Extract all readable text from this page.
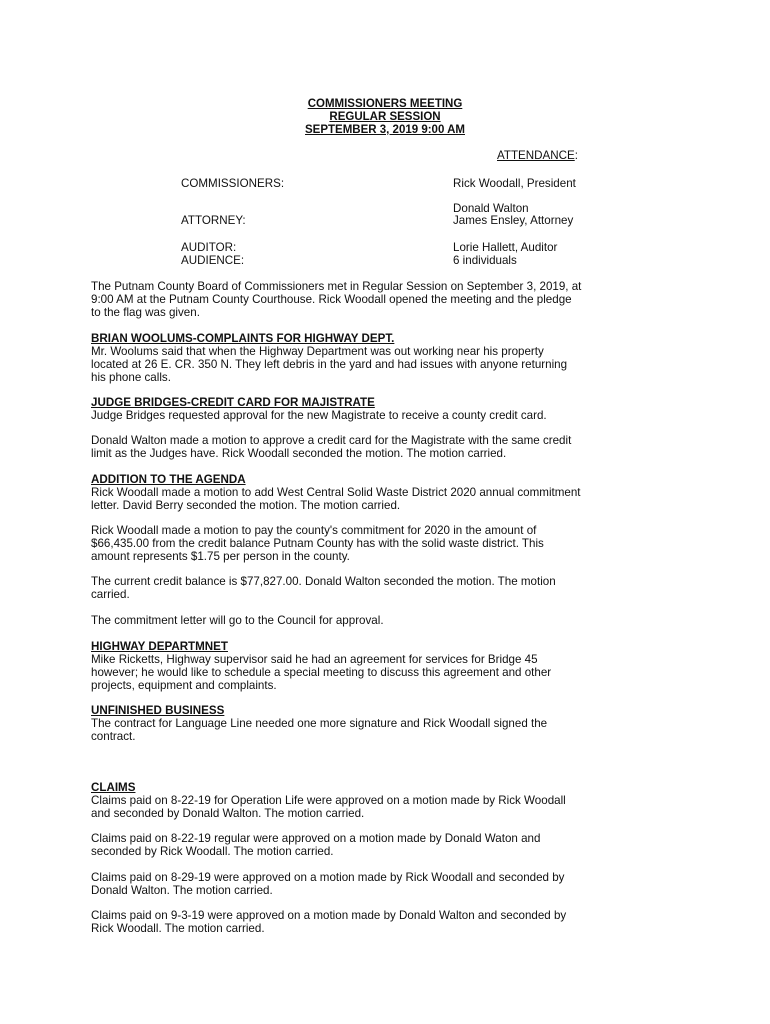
COMMISSIONERS MEETING
REGULAR SESSION
SEPTEMBER 3, 2019 9:00 AM
ATTENDANCE:
COMMISSIONERS:	Rick Woodall, President
Donald Walton
ATTORNEY:	James Ensley, Attorney
AUDITOR:	Lorie Hallett, Auditor
AUDIENCE:	6 individuals
The Putnam County Board of Commissioners met in Regular Session on September 3, 2019, at
9:00 AM at the Putnam County Courthouse. Rick Woodall opened the meeting and the pledge
to the flag was given.
BRIAN WOOLUMS-COMPLAINTS FOR HIGHWAY DEPT.
Mr. Woolums said that when the Highway Department was out working near his property
located at 26 E. CR. 350 N. They left debris in the yard and had issues with anyone returning
his phone calls.
JUDGE BRIDGES-CREDIT CARD FOR MAJISTRATE
Judge Bridges requested approval for the new Magistrate to receive a county credit card.
Donald Walton made a motion to approve a credit card for the Magistrate with the same credit
limit as the Judges have. Rick Woodall seconded the motion. The motion carried.
ADDITION TO THE AGENDA
Rick Woodall made a motion to add West Central Solid Waste District 2020 annual commitment
letter. David Berry seconded the motion. The motion carried.
Rick Woodall made a motion to pay the county's commitment for 2020 in the amount of
$66,435.00 from the credit balance Putnam County has with the solid waste district. This
amount represents $1.75 per person in the county.
The current credit balance is $77,827.00. Donald Walton seconded the motion. The motion
carried.
The commitment letter will go to the Council for approval.
HIGHWAY DEPARTMNET
Mike Ricketts, Highway supervisor said he had an agreement for services for Bridge 45
however; he would like to schedule a special meeting to discuss this agreement and other
projects, equipment and complaints.
UNFINISHED BUSINESS
The contract for Language Line needed one more signature and Rick Woodall signed the
contract.
CLAIMS
Claims paid on 8-22-19 for Operation Life were approved on a motion made by Rick Woodall
and seconded by Donald Walton. The motion carried.
Claims paid on 8-22-19 regular were approved on a motion made by Donald Waton and
seconded by Rick Woodall. The motion carried.
Claims paid on 8-29-19 were approved on a motion made by Rick Woodall and seconded by
Donald Walton. The motion carried.
Claims paid on 9-3-19 were approved on a motion made by Donald Walton and seconded by
Rick Woodall. The motion carried.
